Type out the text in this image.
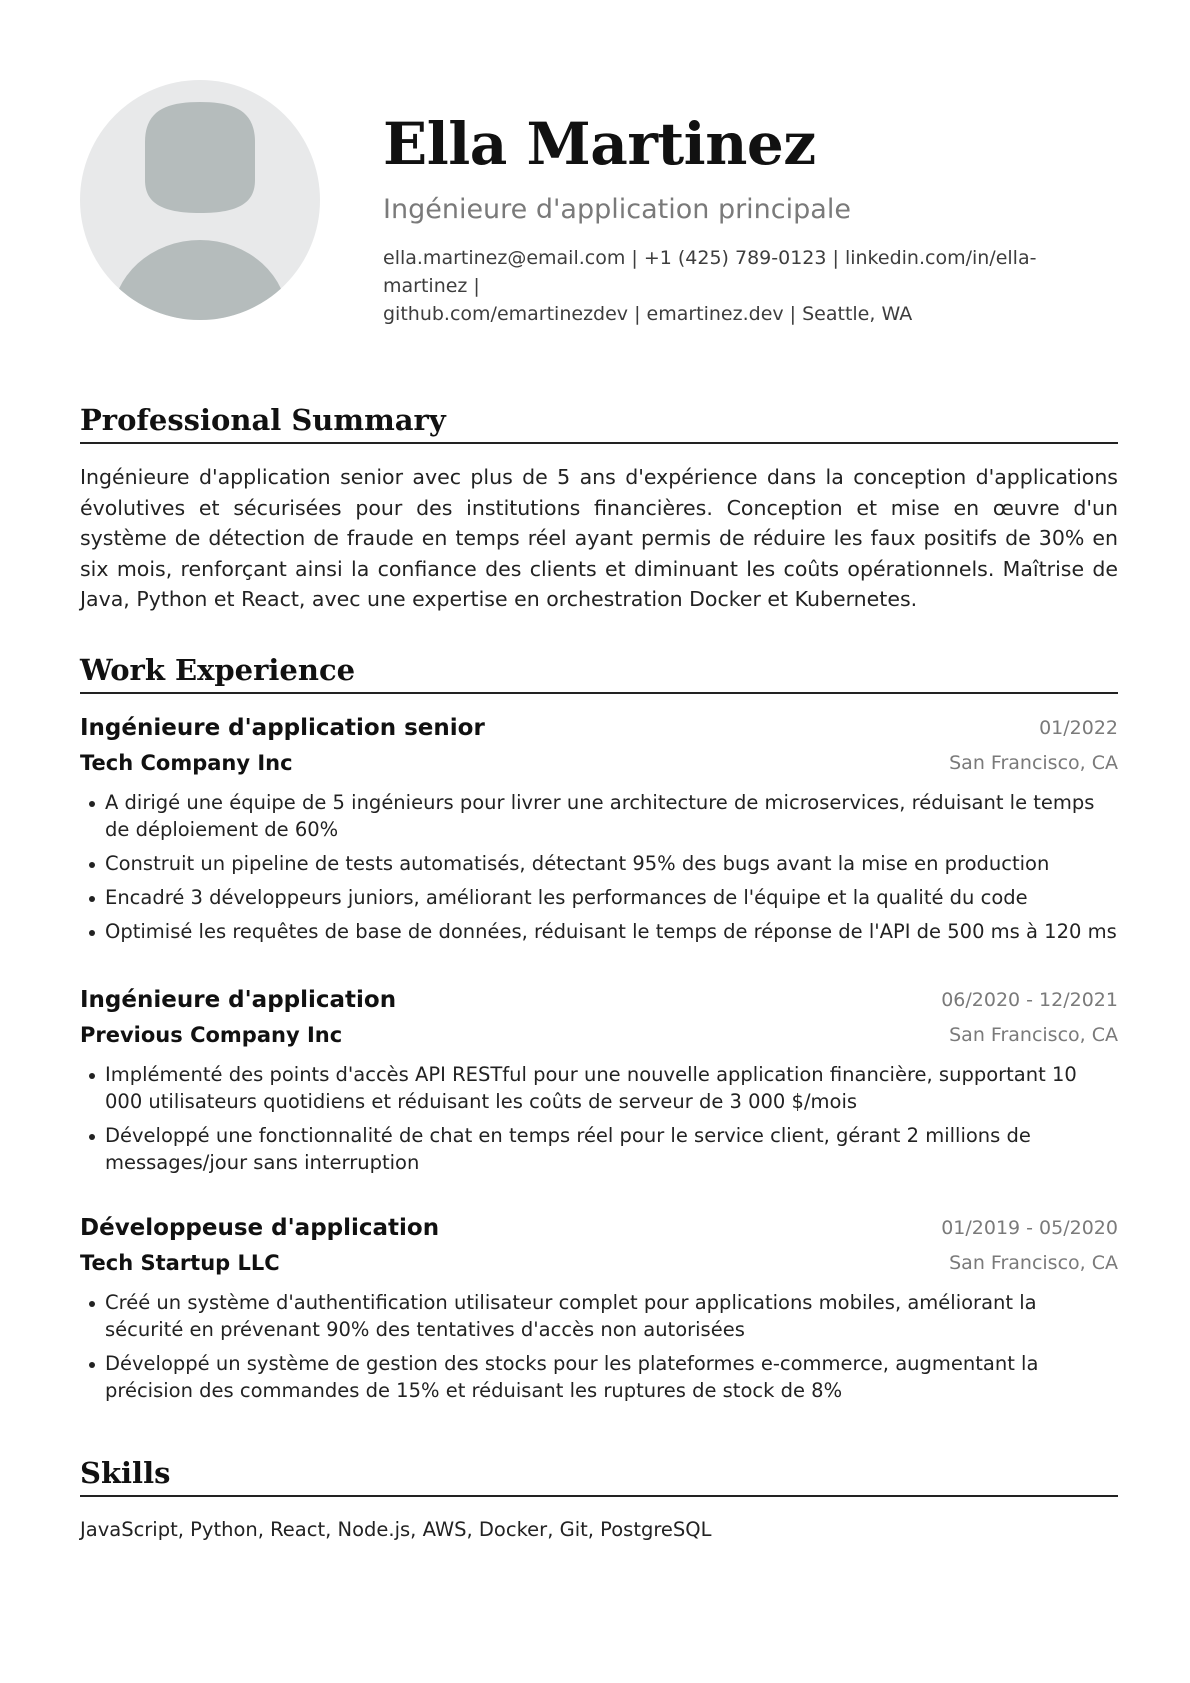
Ella Martinez
Ingénieure d'application principale
ella.martinez@email.com | +1 (425) 789-0123 | linkedin.com/in/ella-martinez |
github.com/emartinezdev | emartinez.dev | Seattle, WA
Professional Summary
Ingénieure d'application senior avec plus de 5 ans d'expérience dans la conception d'applications évolutives et sécurisées pour des institutions financières. Conception et mise en œuvre d'un système de détection de fraude en temps réel ayant permis de réduire les faux positifs de 30% en six mois, renforçant ainsi la confiance des clients et diminuant les coûts opérationnels. Maîtrise de Java, Python et React, avec une expertise en orchestration Docker et Kubernetes.
Work Experience
Ingénieure d'application senior	01/2022
Tech Company Inc	San Francisco, CA
A dirigé une équipe de 5 ingénieurs pour livrer une architecture de microservices, réduisant le temps de déploiement de 60%
Construit un pipeline de tests automatisés, détectant 95% des bugs avant la mise en production
Encadré 3 développeurs juniors, améliorant les performances de l'équipe et la qualité du code
Optimisé les requêtes de base de données, réduisant le temps de réponse de l'API de 500 ms à 120 ms
Ingénieure d'application	06/2020 - 12/2021
Previous Company Inc	San Francisco, CA
Implémenté des points d'accès API RESTful pour une nouvelle application financière, supportant 10 000 utilisateurs quotidiens et réduisant les coûts de serveur de 3 000 $/mois
Développé une fonctionnalité de chat en temps réel pour le service client, gérant 2 millions de messages/jour sans interruption
Développeuse d'application	01/2019 - 05/2020
Tech Startup LLC	San Francisco, CA
Créé un système d'authentification utilisateur complet pour applications mobiles, améliorant la sécurité en prévenant 90% des tentatives d'accès non autorisées
Développé un système de gestion des stocks pour les plateformes e-commerce, augmentant la précision des commandes de 15% et réduisant les ruptures de stock de 8%
Skills
JavaScript, Python, React, Node.js, AWS, Docker, Git, PostgreSQL
